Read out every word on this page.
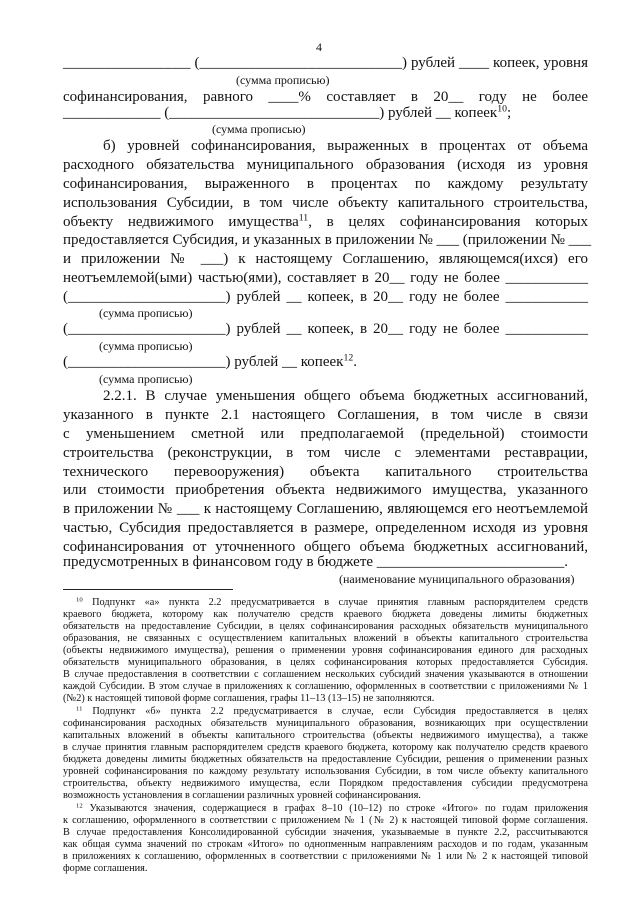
4
_________________ (___________________________) рублей ____ копеек, уровня
(сумма прописью)
софинансирования, равного ____% составляет в 20__ году не более
_____________ (____________________________) рублей __ копеек$^{10}$;
(сумма прописью)
б) уровней софинансирования, выраженных в процентах от объема
расходного обязательства муниципального образования (исходя из уровня
софинансирования, выраженного в процентах по каждому результату
использования Субсидии, в том числе объекту капитального строительства,
объекту недвижимого имущества$^{11}$, в целях софинансирования которых
предоставляется Субсидия, и указанных в приложении № ___ (приложении № ___
и приложении № ___) к настоящему Соглашению, являющемся(ихся) его
неотъемлемой(ыми) частью(ями), составляет в 20__ году не более ___________
(_____________________) рублей __ копеек, в 20__ году не более ___________
(сумма прописью)
(_____________________) рублей __ копеек, в 20__ году не более ___________
(сумма прописью)
(_____________________) рублей __ копеек$^{12}$.
(сумма прописью)
2.2.1. В случае уменьшения общего объема бюджетных ассигнований,
указанного в пункте 2.1 настоящего Соглашения, в том числе в связи
с уменьшением сметной или предполагаемой (предельной) стоимости
строительства (реконструкции, в том числе с элементами реставрации,
технического перевооружения) объекта капитального строительства
или стоимости приобретения объекта недвижимого имущества, указанного
в приложении № ___ к настоящему Соглашению, являющемся его неотъемлемой
частью, Субсидия предоставляется в размере, определенном исходя из уровня
софинансирования от уточненного общего объема бюджетных ассигнований,
предусмотренных в финансовом году в бюджете _________________________.
(наименование муниципального образования)
$^{10}$ Подпункт «а» пункта 2.2 предусматривается в случае принятия главным распорядителем средств
краевого бюджета, которому как получателю средств краевого бюджета доведены лимиты бюджетных
обязательств на предоставление Субсидии, в целях софинансирования расходных обязательств муниципального
образования, не связанных с осуществлением капитальных вложений в объекты капитального строительства
(объекты недвижимого имущества), решения о применении уровня софинансирования единого для расходных
обязательств муниципального образования, в целях софинансирования которых предоставляется Субсидия.
В случае предоставления в соответствии с соглашением нескольких субсидий значения указываются в отношении
каждой Субсидии. В этом случае в приложениях к соглашению, оформленных в соответствии с приложениями № 1
(№2) к настоящей типовой форме соглашения, графы 11–13 (13–15) не заполняются.
$^{11}$ Подпункт «б» пункта 2.2 предусматривается в случае, если Субсидия предоставляется в целях
софинансирования расходных обязательств муниципального образования, возникающих при осуществлении
капитальных вложений в объекты капитального строительства (объекты недвижимого имущества), а также
в случае принятия главным распорядителем средств краевого бюджета, которому как получателю средств краевого
бюджета доведены лимиты бюджетных обязательств на предоставление Субсидии, решения о применении разных
уровней софинансирования по каждому результату использования Субсидии, в том числе объекту капитального
строительства, объекту недвижимого имущества, если Порядком предоставления субсидии предусмотрена
возможность установления в соглашении различных уровней софинансирования.
$^{12}$ Указываются значения, содержащиеся в графах 8–10 (10–12) по строке «Итого» по годам приложения
к соглашению, оформленного в соответствии с приложением № 1 (№ 2) к настоящей типовой форме соглашения.
В случае предоставления Консолидированной субсидии значения, указываемые в пункте 2.2, рассчитываются
как общая сумма значений по строкам «Итого» по однопменным направлениям расходов и по годам, указанным
в приложениях к соглашению, оформленных в соответствии с приложениями № 1 или № 2 к настоящей типовой
форме соглашения.
